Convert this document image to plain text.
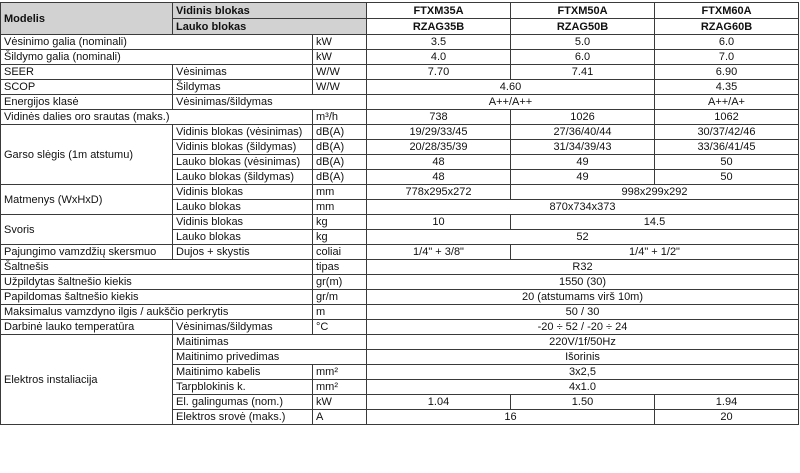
Modelis	Vidinis blokas		FTXM35A	FTXM50A	FTXM60A
	Lauko blokas		RZAG35B	RZAG50B	RZAG60B
Vėsinimo galia (nominali)		kW	3.5	5.0	6.0
Šildymo galia (nominali)		kW	4.0	6.0	7.0
SEER	Vėsinimas	W/W	7.70	7.41	6.90
SCOP	Šildymas	W/W	4.60		4.35
Energijos klasė	Vėsinimas/šildymas		A++/A++		A++/A+
Vidinės dalies oro srautas (maks.)		m³/h	738	1026	1062
Garso slėgis (1m atstumu)	Vidinis blokas (vėsinimas)	dB(A)	19/29/33/45	27/36/40/44	30/37/42/46
	Vidinis blokas (šildymas)	dB(A)	20/28/35/39	31/34/39/43	33/36/41/45
	Lauko blokas (vėsinimas)	dB(A)	48	49	50
	Lauko blokas (šildymas)	dB(A)	48	49	50
Matmenys (WxHxD)	Vidinis blokas	mm	778x295x272	998x299x292	
	Lauko blokas	mm	870x734x373		
Svoris	Vidinis blokas	kg	10	14.5	
	Lauko blokas	kg	52		
Pajungimo vamzdžių skersmuo	Dujos + skystis	coliai	1/4" + 3/8"	1/4" + 1/2"	
Šaltnešis		tipas	R32		
Užpildytas šaltnešio kiekis		gr(m)	1550 (30)		
Papildomas šaltnešio kiekis		gr/m	20 (atstumams virš 10m)		
Maksimalus vamzdyno ilgis / aukščio perkrytis		m	50 / 30		
Darbinė lauko temperatūra	Vėsinimas/šildymas	°C	-20 ÷ 52 / -20 ÷ 24		
Elektros instaliacija	Maitinimas		220V/1f/50Hz		
	Maitinimo privedimas		Išorinis		
	Maitinimo kabelis	mm²	3x2,5		
	Tarpblokinis k.	mm²	4x1.0		
	El. galingumas (nom.)	kW	1.04	1.50	1.94
	Elektros srovė (maks.)	A	16		20
